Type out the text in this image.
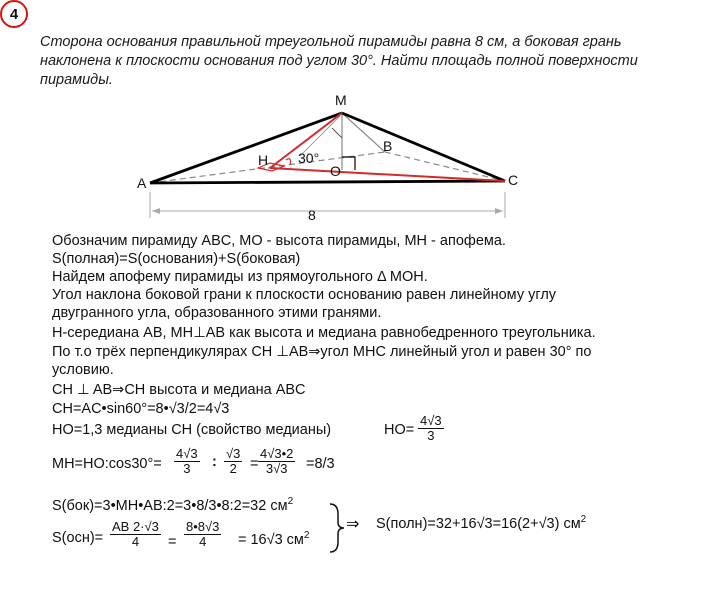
4
Сторона основания правильной треугольной пирамиды равна 8 см, а боковая грань
наклонена к плоскости основания под углом 30°. Найти площадь полной поверхности
пирамиды.
M
A
B
C
H
O
30°
8
Обозначим пирамиду ABC, MO - высота пирамиды, MH - апофема.
S(полная)=S(основания)+S(боковая)
Найдем апофему пирамиды из прямоугольного Δ MOH.
Угол наклона боковой грани к плоскости основанию равен линейному углу
двугранного угла, образованного этими гранями.
H-середиана AB, MH⊥AB как высота и медиана равнобедренного треугольника.
По т.о трёх перпендикулярах CH ⊥AB⇒угол MHC линейный угол и равен 30° по
условию.
CH ⊥ AB⇒CH высота и медиана ABC
CH=AC•sin60°=8•√3/2=4√3
HO=1,3 медианы CH (свойство медианы)	$HO= \frac{4√3}{3}$
MH=HO:cos30°= $\frac{4√3}{3}$ : $\frac{√3}{2} = \frac{4√3•2}{3√3} =8/3$
S(бок)=3•MH•AB:2=3•8/3•8:2=32 $см^2$
$S(осн)= \frac{AB 2\cdot√3}{4} = \frac{8•8√3}{4} = 16√3$ $см^2$
⇒ S(полн)=32+16√3=16(2+√3) $см^2$
